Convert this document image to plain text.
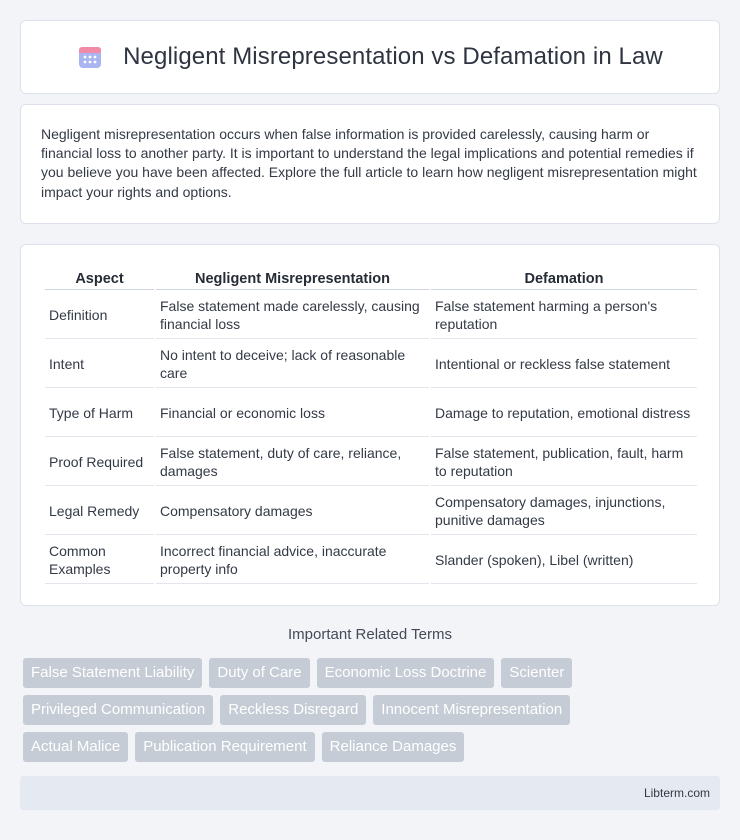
Negligent Misrepresentation vs Defamation in Law

Negligent misrepresentation occurs when false information is provided carelessly, causing harm or financial loss to another party. It is important to understand the legal implications and potential remedies if you believe you have been affected. Explore the full article to learn how negligent misrepresentation might impact your rights and options.

Aspect	Negligent Misrepresentation	Defamation
Definition	False statement made carelessly, causing financial loss	False statement harming a person's reputation
Intent	No intent to deceive; lack of reasonable care	Intentional or reckless false statement
Type of Harm	Financial or economic loss	Damage to reputation, emotional distress
Proof Required	False statement, duty of care, reliance, damages	False statement, publication, fault, harm to reputation
Legal Remedy	Compensatory damages	Compensatory damages, injunctions, punitive damages
Common Examples	Incorrect financial advice, inaccurate property info	Slander (spoken), Libel (written)
Important Related Terms
False Statement Liability	Duty of Care	Economic Loss Doctrine	Scienter
Privileged Communication	Reckless Disregard	Innocent Misrepresentation
Actual Malice	Publication Requirement	Reliance Damages
Libterm.com
